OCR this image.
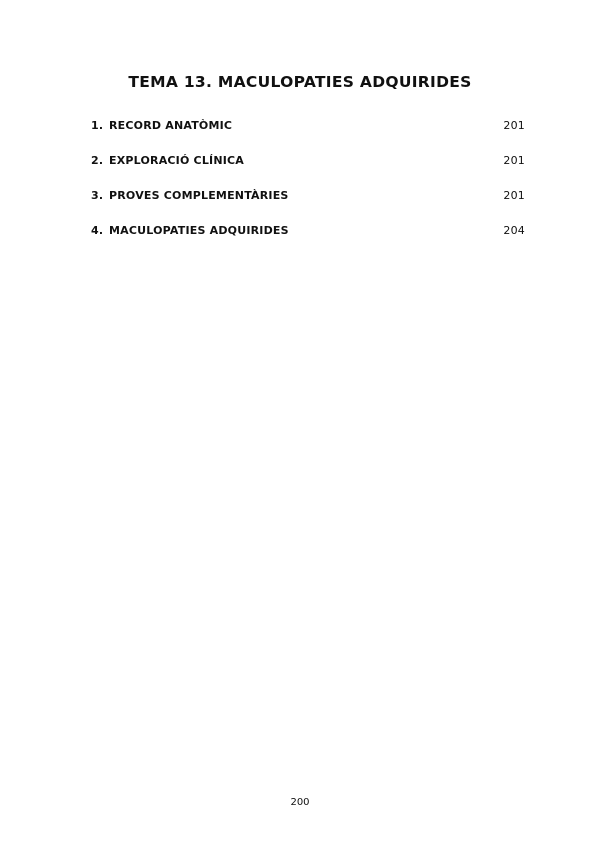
TEMA 13. MACULOPATIES ADQUIRIDES
1. RECORD ANATÒMIC	201
2. EXPLORACIÓ CLÍNICA	201
3. PROVES COMPLEMENTÀRIES	201
4. MACULOPATIES ADQUIRIDES	204
200
